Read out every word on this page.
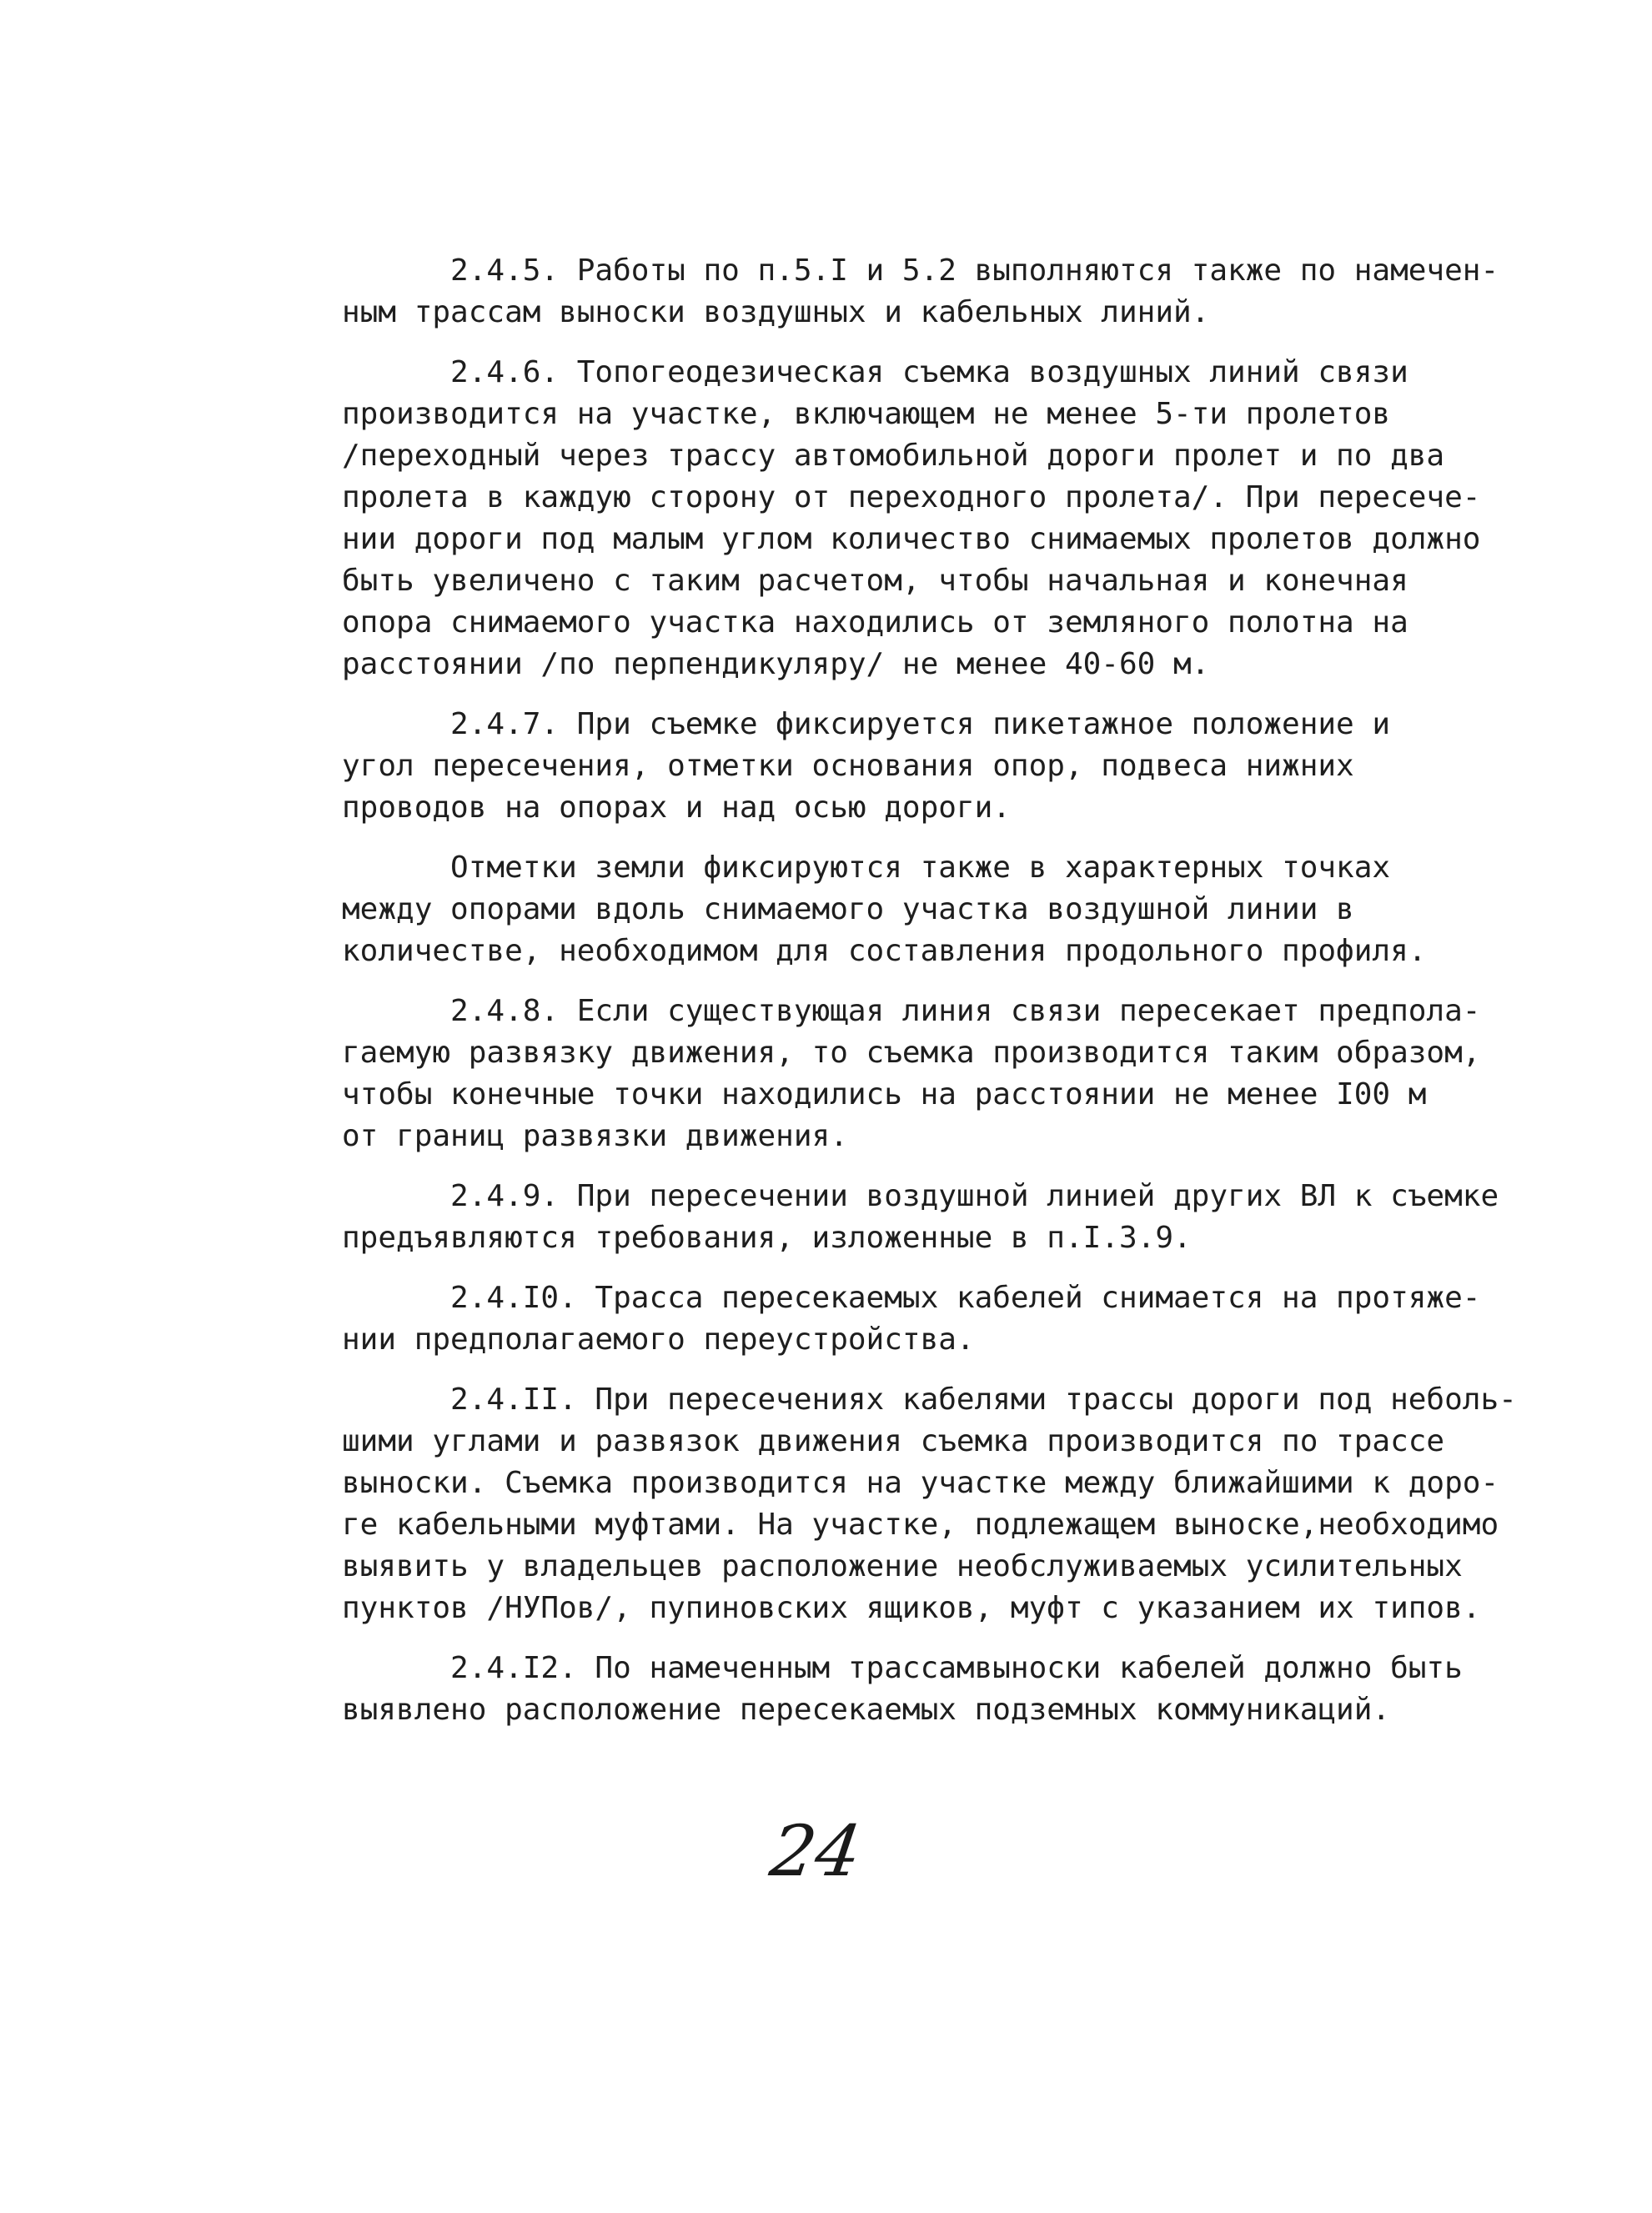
2.4.5. Работы по п.5.I и 5.2 выполняются также по намечен-
ным трассам выноски воздушных и кабельных линий.
2.4.6. Топогеодезическая съемка воздушных линий связи
производится на участке, включающем не менее 5-ти пролетов
/переходный через трассу автомобильной дороги пролет и по два
пролета в каждую сторону от переходного пролета/. При пересече-
нии дороги под малым углом количество снимаемых пролетов должно
быть увеличено с таким расчетом, чтобы начальная и конечная
опора снимаемого участка находились от земляного полотна на
расстоянии /по перпендикуляру/ не менее 40-60 м.
2.4.7. При съемке фиксируется пикетажное положение и
угол пересечения, отметки основания опор, подвеса нижних
проводов на опорах и над осью дороги.
Отметки земли фиксируются также в характерных точках
между опорами вдоль снимаемого участка воздушной линии в
количестве, необходимом для составления продольного профиля.
2.4.8. Если существующая линия связи пересекает предпола-
гаемую развязку движения, то съемка производится таким образом,
чтобы конечные точки находились на расстоянии не менее I00 м
от границ развязки движения.
2.4.9. При пересечении воздушной линией других ВЛ к съемке
предъявляются требования, изложенные в п.I.3.9.
2.4.I0. Трасса пересекаемых кабелей снимается на протяже-
нии предполагаемого переустройства.
2.4.II. При пересечениях кабелями трассы дороги под неболь-
шими углами и развязок движения съемка производится по трассе
выноски. Съемка производится на участке между ближайшими к доро-
ге кабельными муфтами. На участке, подлежащем выноске,необходимо
выявить у владельцев расположение необслуживаемых усилительных
пунктов /НУПов/, пупиновских ящиков, муфт с указанием их типов.
2.4.I2. По намеченным трассамвыноски кабелей должно быть
выявлено расположение пересекаемых подземных коммуникаций.
24
